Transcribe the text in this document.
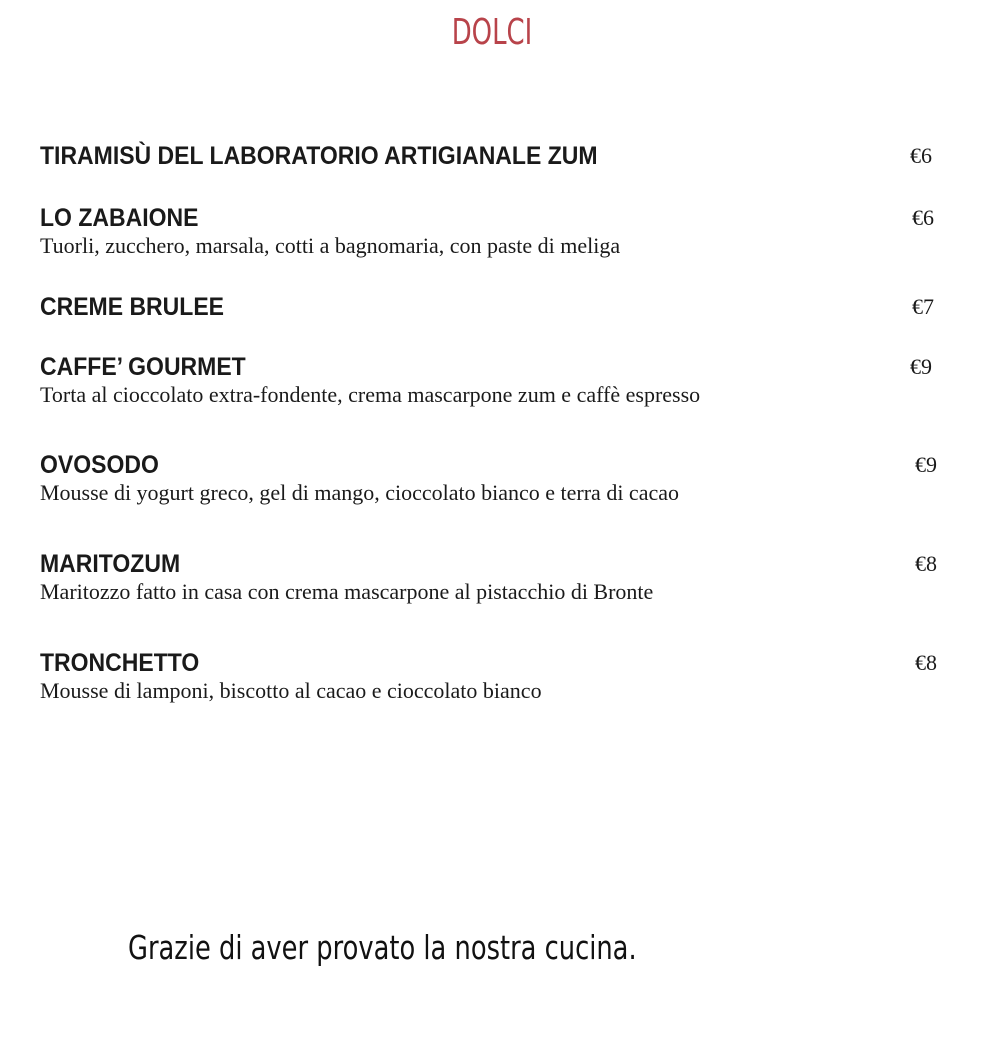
DOLCI
TIRAMISÙ DEL LABORATORIO ARTIGIANALE ZUM	€6
LO ZABAIONE	€6
Tuorli, zucchero, marsala, cotti a bagnomaria, con paste di meliga
CREME BRULEE	€7
CAFFE’ GOURMET	€9
Torta al cioccolato extra-fondente, crema mascarpone zum e caffè espresso
OVOSODO	€9
Mousse di yogurt greco, gel di mango, cioccolato bianco e terra di cacao
MARITOZUM	€8
Maritozzo fatto in casa con crema mascarpone al pistacchio di Bronte
TRONCHETTO	€8
Mousse di lamponi, biscotto al cacao e cioccolato bianco
Grazie di aver provato la nostra cucina.
